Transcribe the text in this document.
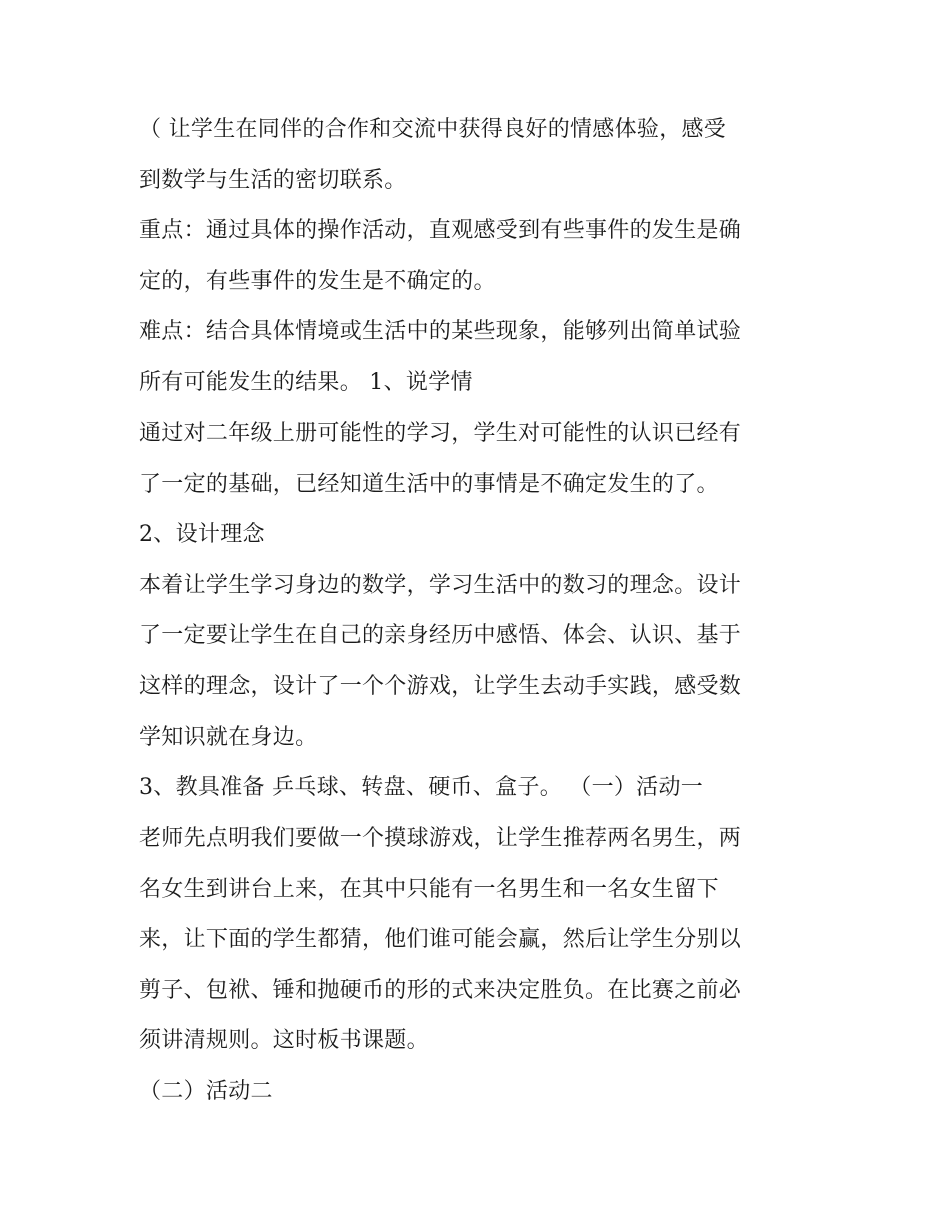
（ 让学生在同伴的合作和交流中获得良好的情感体验，感受
到数学与生活的密切联系。
重点：通过具体的操作活动，直观感受到有些事件的发生是确
定的，有些事件的发生是不确定的。
难点：结合具体情境或生活中的某些现象，能够列出简单试验
所有可能发生的结果。 1、说学情
通过对二年级上册可能性的学习，学生对可能性的认识已经有
了一定的基础，已经知道生活中的事情是不确定发生的了。
2、设计理念
本着让学生学习身边的数学，学习生活中的数习的理念。设计
了一定要让学生在自己的亲身经历中感悟、体会、认识、基于
这样的理念，设计了一个个游戏，让学生去动手实践，感受数
学知识就在身边。
3、教具准备 乒乓球、转盘、硬币、盒子。 （一）活动一
老师先点明我们要做一个摸球游戏，让学生推荐两名男生，两
名女生到讲台上来，在其中只能有一名男生和一名女生留下
来，让下面的学生都猜，他们谁可能会赢，然后让学生分别以
剪子、包袱、锤和抛硬币的形的式来决定胜负。在比赛之前必
须讲清规则。这时板书课题。
（二）活动二
